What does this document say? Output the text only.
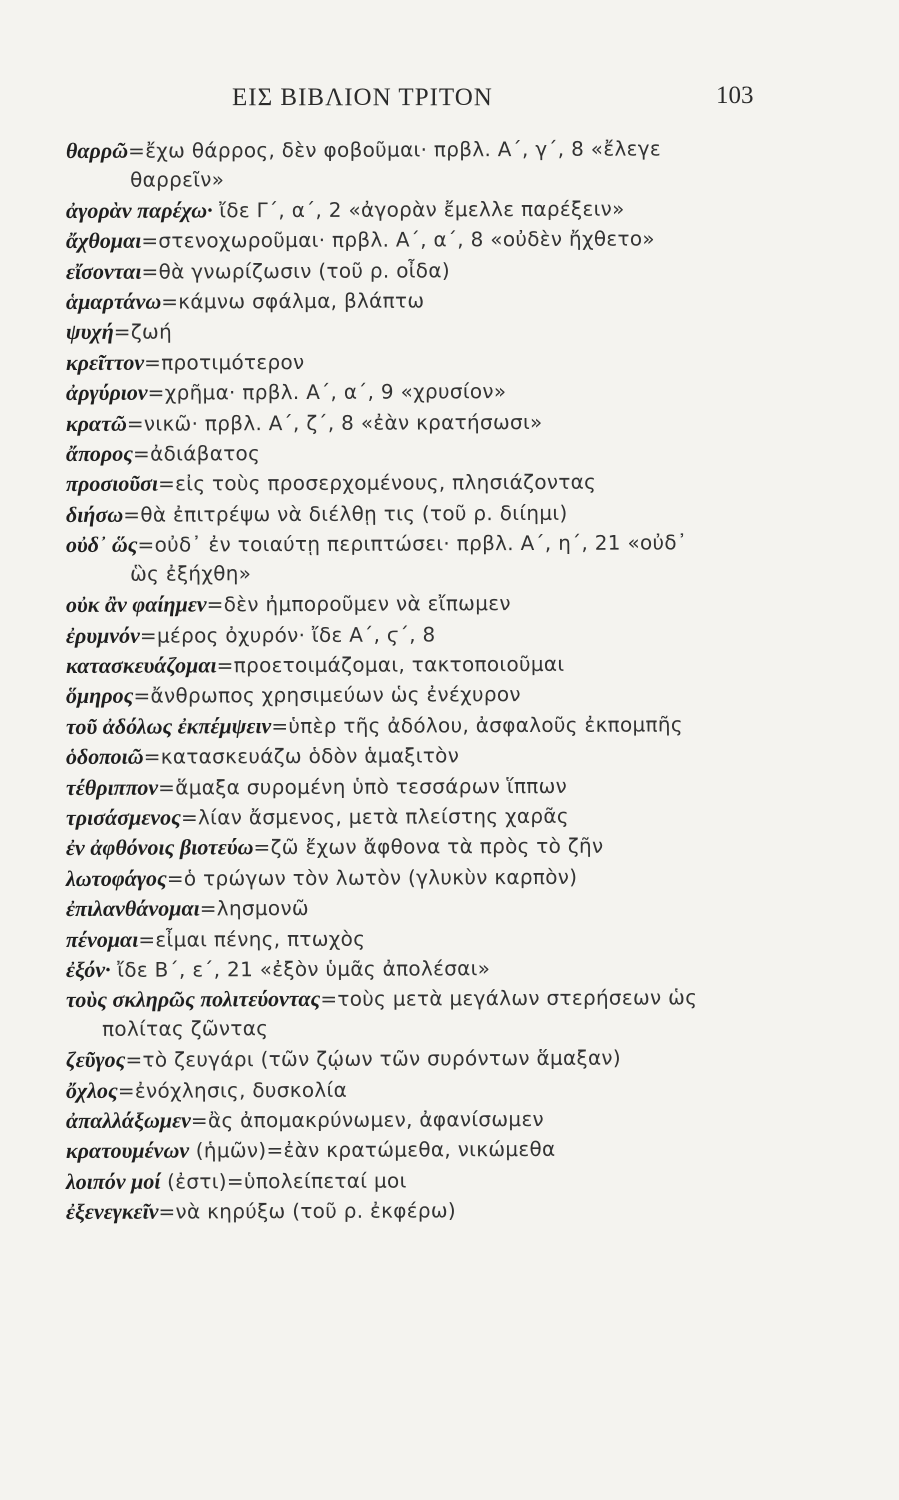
ΕΙΣ ΒΙΒΛΙΟΝ ΤΡΙΤΟΝ	103
θαρρῶ=ἔχω θάρρος, δὲν φοβοῦμαι· πρβλ. Α΄, γ΄, 8 «ἔλεγε
θαρρεῖν»
ἀγορὰν παρέχω· ἴδε Γ΄, α΄, 2 «ἀγορὰν ἔμελλε παρέξειν»
ἄχθομαι=στενοχωροῦμαι· πρβλ. Α΄, α΄, 8 «οὐδὲν ἤχθετο»
εἴσονται=θὰ γνωρίζωσιν (τοῦ ρ. οἶδα)
ἁμαρτάνω=κάμνω σφάλμα, βλάπτω
ψυχή=ζωή
κρεῖττον=προτιμότερον
ἀργύριον=χρῆμα· πρβλ. Α΄, α΄, 9 «χρυσίον»
κρατῶ=νικῶ· πρβλ. Α΄, ζ΄, 8 «ἐὰν κρατήσωσι»
ἄπορος=ἀδιάβατος
προσιοῦσι=εἰς τοὺς προσερχομένους, πλησιάζοντας
διήσω=θὰ ἐπιτρέψω νὰ διέλθῃ τις (τοῦ ρ. διίημι)
οὐδ᾿ ὥς=οὐδ᾿ ἐν τοιαύτῃ περιπτώσει· πρβλ. Α΄, η΄, 21 «οὐδ᾿
ὣς ἐξήχθη»
οὐκ ἂν φαίημεν=δὲν ἠμποροῦμεν νὰ εἴπωμεν
ἐρυμνόν=μέρος ὀχυρόν· ἴδε Α΄, ϛ΄, 8
κατασκευάζομαι=προετοιμάζομαι, τακτοποιοῦμαι
ὅμηρος=ἄνθρωπος χρησιμεύων ὡς ἐνέχυρον
τοῦ ἀδόλως ἐκπέμψειν=ὑπὲρ τῆς ἀδόλου, ἀσφαλοῦς ἐκπομπῆς
ὁδοποιῶ=κατασκευάζω ὁδὸν ἁμαξιτὸν
τέθριππον=ἅμαξα συρομένη ὑπὸ τεσσάρων ἵππων
τρισάσμενος=λίαν ἄσμενος, μετὰ πλείστης χαρᾶς
ἐν ἀφθόνοις βιοτεύω=ζῶ ἔχων ἄφθονα τὰ πρὸς τὸ ζῆν
λωτοφάγος=ὁ τρώγων τὸν λωτὸν (γλυκὺν καρπὸν)
ἐπιλανθάνομαι=λησμονῶ
πένομαι=εἶμαι πένης, πτωχὸς
ἐξόν· ἴδε Β΄, ε΄, 21 «ἐξὸν ὑμᾶς ἀπολέσαι»
τοὺς σκληρῶς πολιτεύοντας=τοὺς μετὰ μεγάλων στερήσεων ὡς
πολίτας ζῶντας
ζεῦγος=τὸ ζευγάρι (τῶν ζῴων τῶν συρόντων ἅμαξαν)
ὄχλος=ἐνόχλησις, δυσκολία
ἀπαλλάξωμεν=ἂς ἀπομακρύνωμεν, ἀφανίσωμεν
κρατουμένων (ἡμῶν)=ἐὰν κρατώμεθα, νικώμεθα
λοιπόν μοί (ἐστι)=ὑπολείπεταί μοι
ἐξενεγκεῖν=νὰ κηρύξω (τοῦ ρ. ἐκφέρω)
